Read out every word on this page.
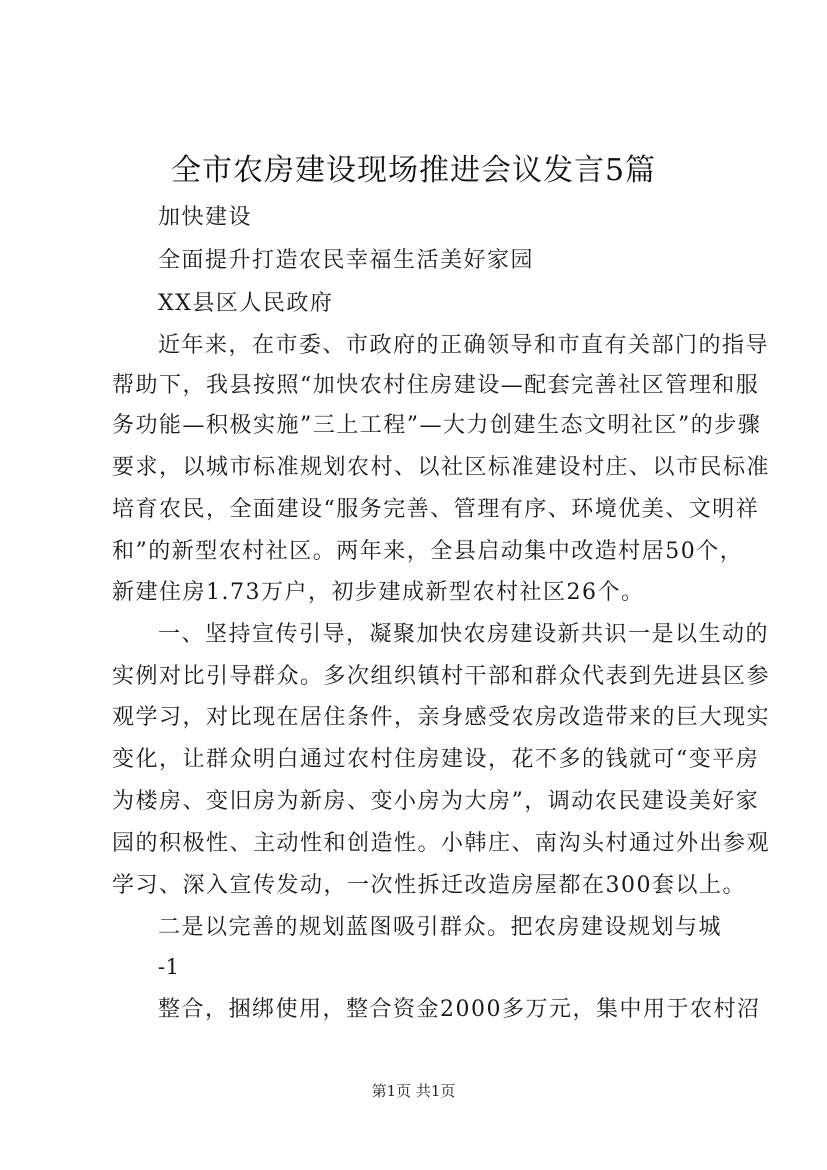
全市农房建设现场推进会议发言5篇
加快建设
全面提升打造农民幸福生活美好家园
XX县区人民政府
近年来，在市委、市政府的正确领导和市直有关部门的指导
帮助下，我县按照“加快农村住房建设—配套完善社区管理和服
务功能—积极实施”三上工程”—大力创建生态文明社区”的步骤
要求，以城市标准规划农村、以社区标准建设村庄、以市民标准
培育农民，全面建设“服务完善、管理有序、环境优美、文明祥
和”的新型农村社区。两年来，全县启动集中改造村居50个，
新建住房1.73万户，初步建成新型农村社区26个。
一、坚持宣传引导，凝聚加快农房建设新共识一是以生动的
实例对比引导群众。多次组织镇村干部和群众代表到先进县区参
观学习，对比现在居住条件，亲身感受农房改造带来的巨大现实
变化，让群众明白通过农村住房建设，花不多的钱就可“变平房
为楼房、变旧房为新房、变小房为大房”，调动农民建设美好家
园的积极性、主动性和创造性。小韩庄、南沟头村通过外出参观
学习、深入宣传发动，一次性拆迁改造房屋都在300套以上。
二是以完善的规划蓝图吸引群众。把农房建设规划与城
-1
整合，捆绑使用，整合资金2000多万元，集中用于农村沼
第1页 共1页
